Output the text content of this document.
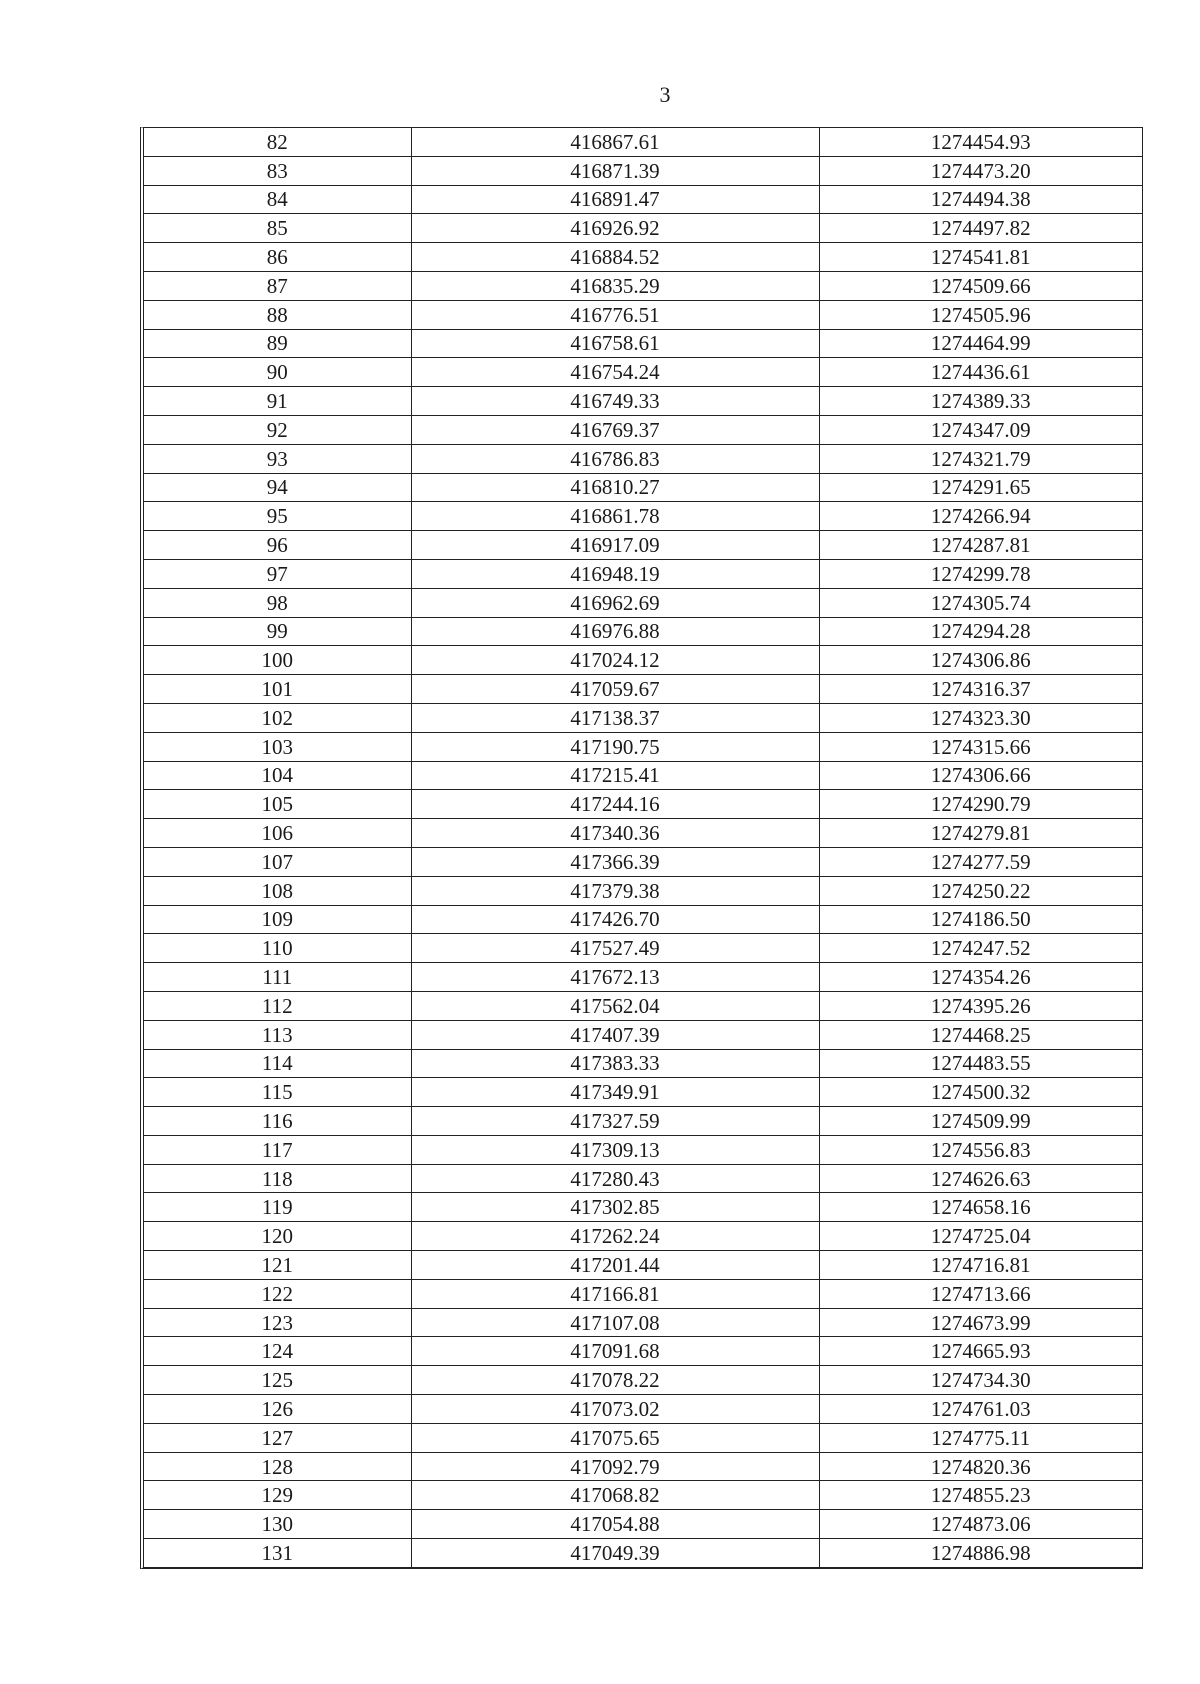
3
82	416867.61	1274454.93
83	416871.39	1274473.20
84	416891.47	1274494.38
85	416926.92	1274497.82
86	416884.52	1274541.81
87	416835.29	1274509.66
88	416776.51	1274505.96
89	416758.61	1274464.99
90	416754.24	1274436.61
91	416749.33	1274389.33
92	416769.37	1274347.09
93	416786.83	1274321.79
94	416810.27	1274291.65
95	416861.78	1274266.94
96	416917.09	1274287.81
97	416948.19	1274299.78
98	416962.69	1274305.74
99	416976.88	1274294.28
100	417024.12	1274306.86
101	417059.67	1274316.37
102	417138.37	1274323.30
103	417190.75	1274315.66
104	417215.41	1274306.66
105	417244.16	1274290.79
106	417340.36	1274279.81
107	417366.39	1274277.59
108	417379.38	1274250.22
109	417426.70	1274186.50
110	417527.49	1274247.52
111	417672.13	1274354.26
112	417562.04	1274395.26
113	417407.39	1274468.25
114	417383.33	1274483.55
115	417349.91	1274500.32
116	417327.59	1274509.99
117	417309.13	1274556.83
118	417280.43	1274626.63
119	417302.85	1274658.16
120	417262.24	1274725.04
121	417201.44	1274716.81
122	417166.81	1274713.66
123	417107.08	1274673.99
124	417091.68	1274665.93
125	417078.22	1274734.30
126	417073.02	1274761.03
127	417075.65	1274775.11
128	417092.79	1274820.36
129	417068.82	1274855.23
130	417054.88	1274873.06
131	417049.39	1274886.98
